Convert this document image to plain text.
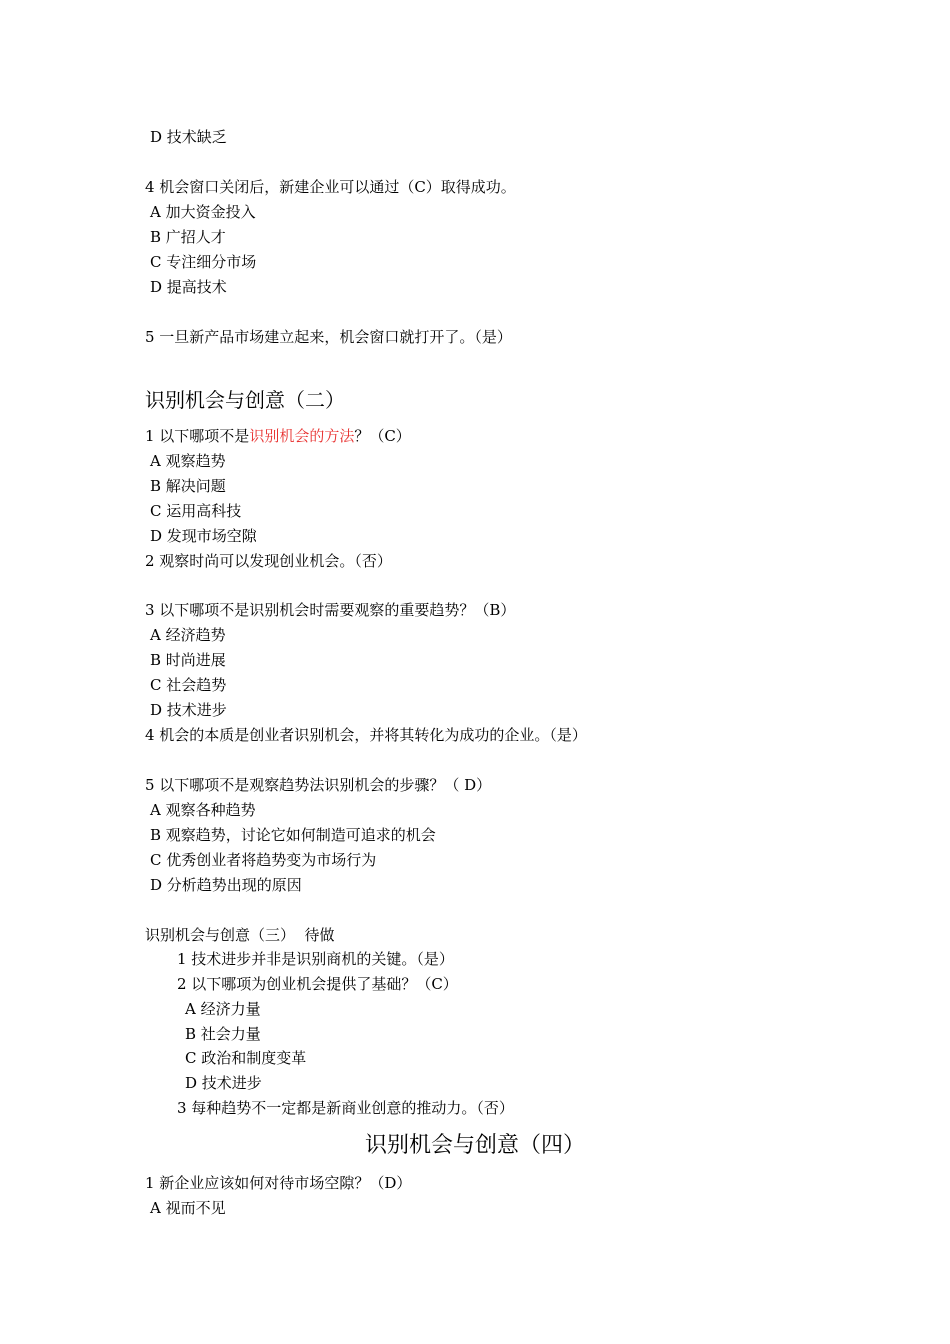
D 技术缺乏
4 机会窗口关闭后，新建企业可以通过（C）取得成功。
A 加大资金投入
B 广招人才
C 专注细分市场
D 提高技术
5 一旦新产品市场建立起来，机会窗口就打开了。（是）
识别机会与创意（二）
1 以下哪项不是识别机会的方法？（C）
A 观察趋势
B 解决问题
C 运用高科技
D 发现市场空隙
2 观察时尚可以发现创业机会。（否）
3 以下哪项不是识别机会时需要观察的重要趋势？（B）
A 经济趋势
B 时尚进展
C 社会趋势
D 技术进步
4 机会的本质是创业者识别机会，并将其转化为成功的企业。（是）
5 以下哪项不是观察趋势法识别机会的步骤？（ D）
A 观察各种趋势
B 观察趋势，讨论它如何制造可追求的机会
C 优秀创业者将趋势变为市场行为
D 分析趋势出现的原因
识别机会与创意（三）  待做
1 技术进步并非是识别商机的关键。（是）
2 以下哪项为创业机会提供了基础？（C）
A 经济力量
B 社会力量
C 政治和制度变革
D 技术进步
3 每种趋势不一定都是新商业创意的推动力。（否）
识别机会与创意（四）
1 新企业应该如何对待市场空隙？（D）
A 视而不见
